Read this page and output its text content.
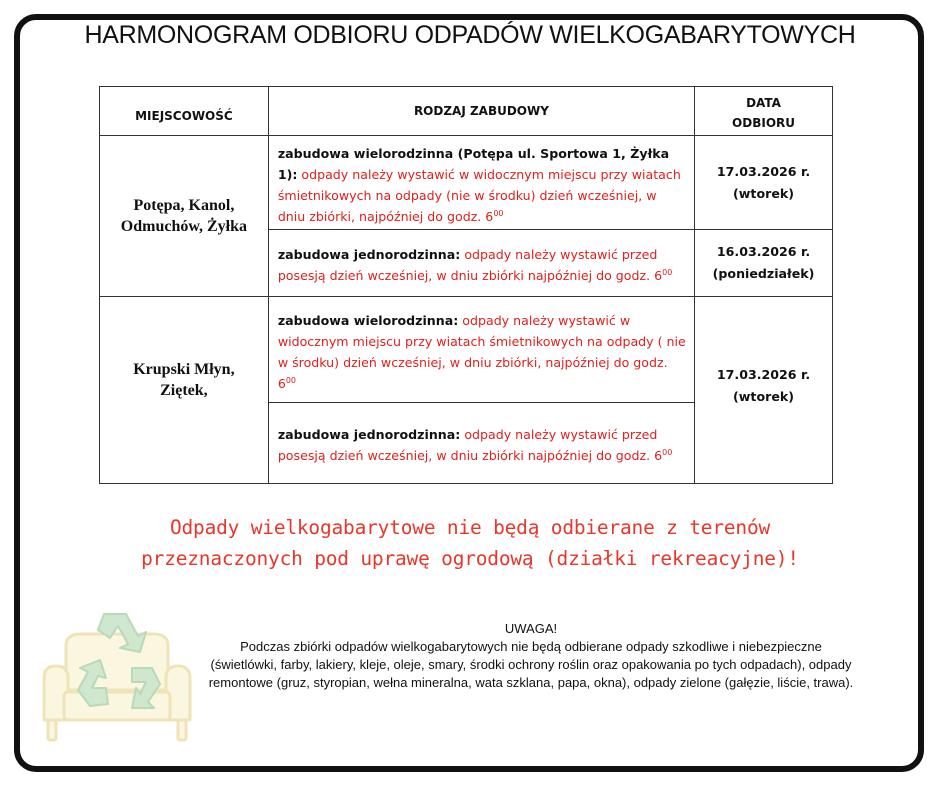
HARMONOGRAM ODBIORU ODPADÓW WIELKOGABARYTOWYCH
MIEJSCOWOŚĆ	RODZAJ ZABUDOWY	DATA
ODBIORU
Potępa, Kanol,
Odmuchów, Żyłka	zabudowa wielorodzinna (Potępa ul. Sportowa 1, Żyłka 1): odpady należy wystawić w widocznym miejscu przy wiatach śmietnikowych na odpady (nie w środku) dzień wcześniej, w dniu zbiórki, najpóźniej do godz. $6^{00}$	17.03.2026 r.
(wtorek)
	zabudowa jednorodzinna: odpady należy wystawić przed posesją dzień wcześniej, w dniu zbiórki najpóźniej do godz. $6^{00}$	16.03.2026 r.
(poniedziałek)
Krupski Młyn,
Ziętek,	zabudowa wielorodzinna: odpady należy wystawić w widocznym miejscu przy wiatach śmietnikowych na odpady ( nie w środku) dzień wcześniej, w dniu zbiórki, najpóźniej do godz. $6^{00}$	17.03.2026 r.
(wtorek)
	zabudowa jednorodzinna: odpady należy wystawić przed posesją dzień wcześniej, w dniu zbiórki najpóźniej do godz. $6^{00}$
Odpady wielkogabarytowe nie będą odbierane z terenów
przeznaczonych pod uprawę ogrodową (działki rekreacyjne)!
UWAGA!
Podczas zbiórki odpadów wielkogabarytowych nie będą odbierane odpady szkodliwe i niebezpieczne (świetlówki, farby, lakiery, kleje, oleje, smary, środki ochrony roślin oraz opakowania po tych odpadach), odpady remontowe (gruz, styropian, wełna mineralna, wata szklana, papa, okna), odpady zielone (gałęzie, liście, trawa).
